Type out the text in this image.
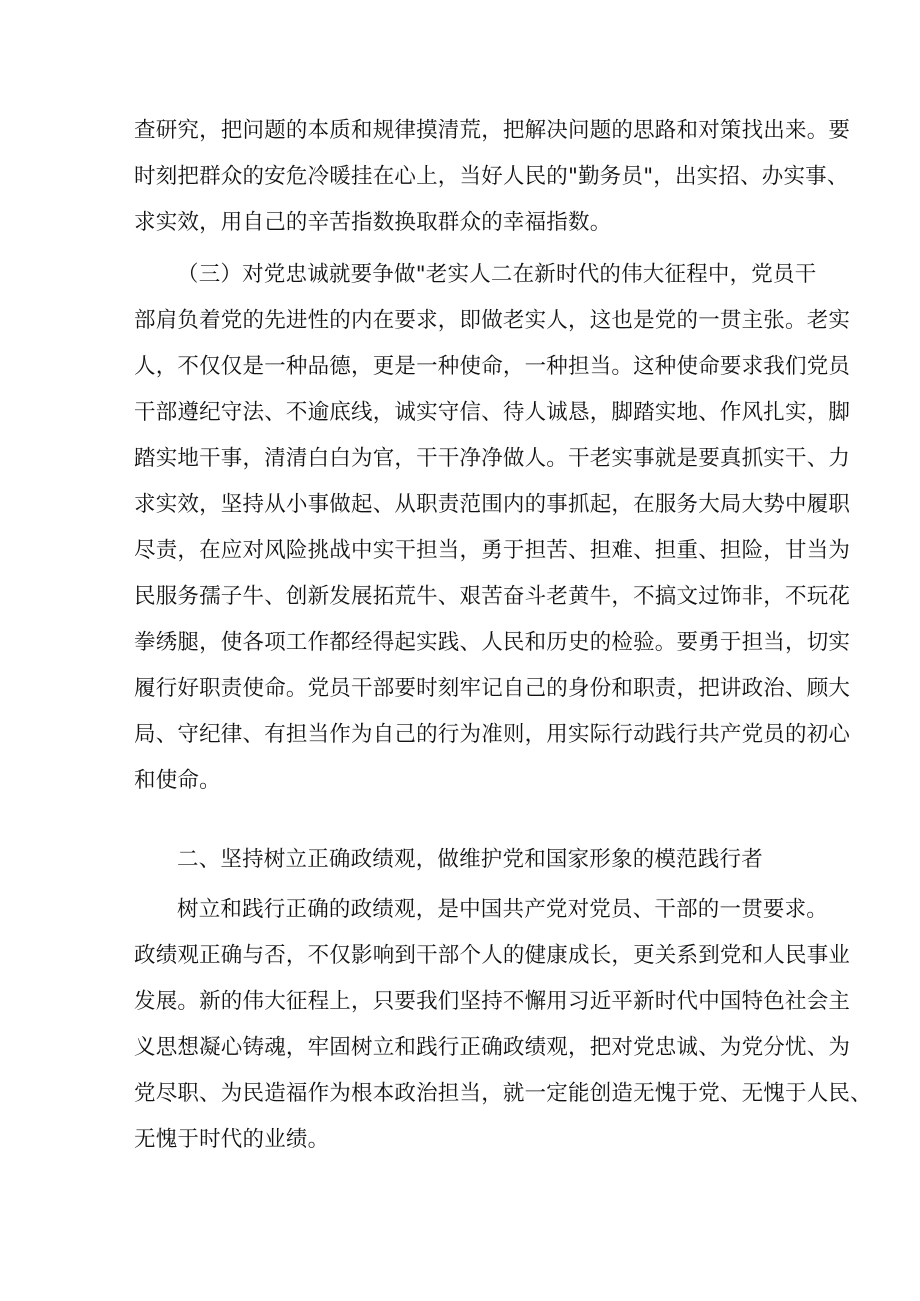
查研究，把问题的本质和规律摸清荒，把解决问题的思路和对策找出来。要
时刻把群众的安危冷暖挂在心上，当好人民的"勤务员"，出实招、办实事、
求实效，用自己的辛苦指数换取群众的幸福指数。
（三）对党忠诚就要争做"老实人二在新时代的伟大征程中，党员干
部肩负着党的先进性的内在要求，即做老实人，这也是党的一贯主张。老实
人，不仅仅是一种品德，更是一种使命，一种担当。这种使命要求我们党员
干部遵纪守法、不逾底线，诚实守信、待人诚恳，脚踏实地、作风扎实，脚
踏实地干事，清清白白为官，干干净净做人。干老实事就是要真抓实干、力
求实效，坚持从小事做起、从职责范围内的事抓起，在服务大局大势中履职
尽责，在应对风险挑战中实干担当，勇于担苦、担难、担重、担险，甘当为
民服务孺子牛、创新发展拓荒牛、艰苦奋斗老黄牛，不搞文过饰非，不玩花
拳绣腿，使各项工作都经得起实践、人民和历史的检验。要勇于担当，切实
履行好职责使命。党员干部要时刻牢记自己的身份和职责，把讲政治、顾大
局、守纪律、有担当作为自己的行为准则，用实际行动践行共产党员的初心
和使命。
二、坚持树立正确政绩观，做维护党和国家形象的模范践行者
树立和践行正确的政绩观，是中国共产党对党员、干部的一贯要求。
政绩观正确与否，不仅影响到干部个人的健康成长，更关系到党和人民事业
发展。新的伟大征程上，只要我们坚持不懈用习近平新时代中国特色社会主
义思想凝心铸魂，牢固树立和践行正确政绩观，把对党忠诚、为党分忧、为
党尽职、为民造福作为根本政治担当，就一定能创造无愧于党、无愧于人民、
无愧于时代的业绩。
